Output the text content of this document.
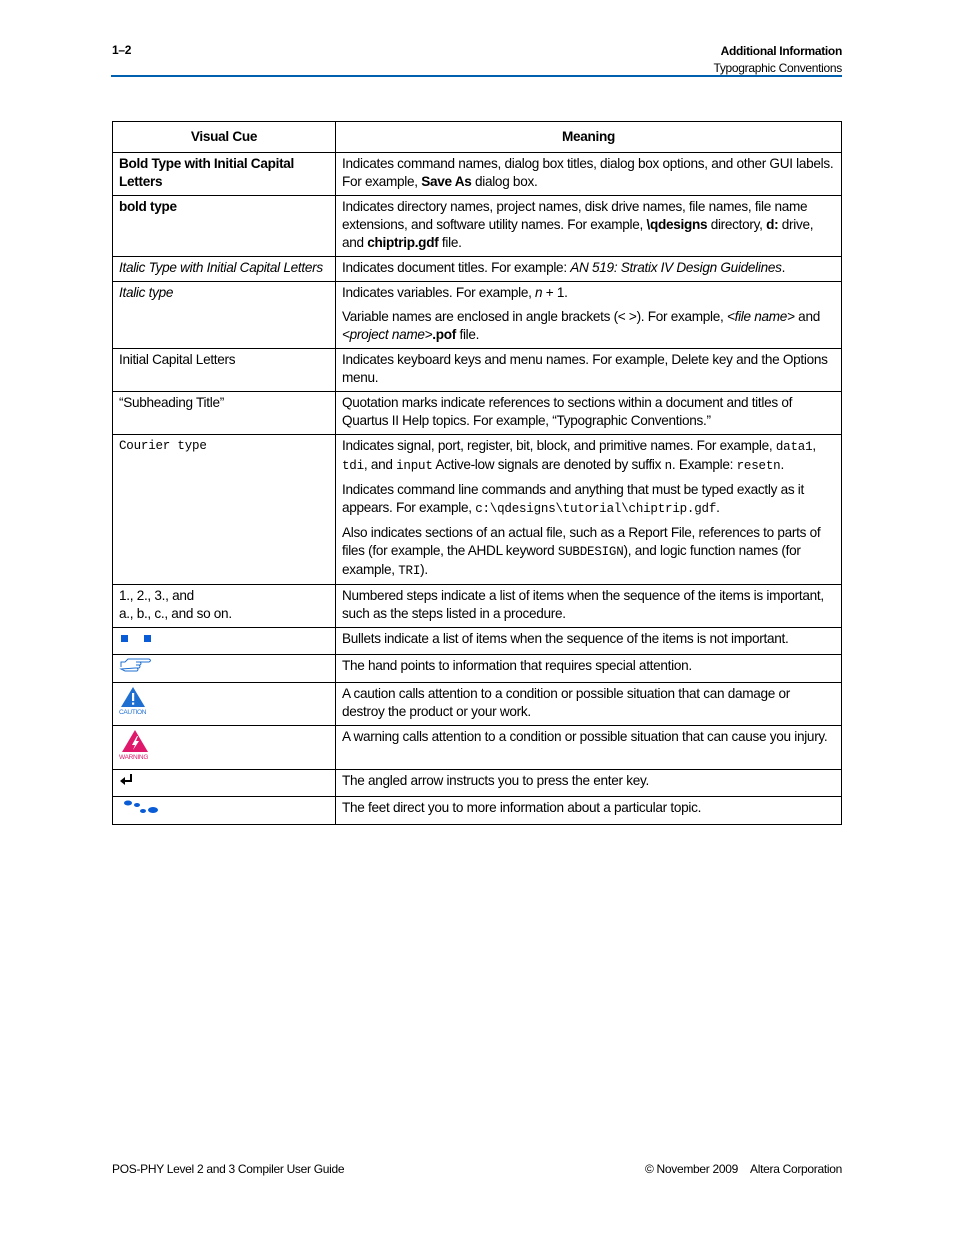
1–2	Additional Information
Typographic Conventions
Visual Cue	Meaning
Bold Type with Initial Capital Letters	Indicates command names, dialog box titles, dialog box options, and other GUI labels. For example, Save As dialog box.
bold type	Indicates directory names, project names, disk drive names, file names, file name extensions, and software utility names. For example, \qdesigns directory, d: drive, and chiptrip.gdf file.
Italic Type with Initial Capital Letters	Indicates document titles. For example: AN 519: Stratix IV Design Guidelines.
Italic type	Indicates variables. For example, n + 1.

Variable names are enclosed in angle brackets (< >). For example, <file name> and <project name>.pof file.

Initial Capital Letters	Indicates keyboard keys and menu names. For example, Delete key and the Options menu.
“Subheading Title”	Quotation marks indicate references to sections within a document and titles of Quartus II Help topics. For example, “Typographic Conventions.”
Courier type	Indicates signal, port, register, bit, block, and primitive names. For example, data1, tdi, and input Active-low signals are denoted by suffix n. Example: resetn.

Indicates command line commands and anything that must be typed exactly as it appears. For example, c:\qdesigns\tutorial\chiptrip.gdf.

Also indicates sections of an actual file, such as a Report File, references to parts of files (for example, the AHDL keyword SUBDESIGN), and logic function names (for example, TRI).

1., 2., 3., and
a., b., c., and so on.	Numbered steps indicate a list of items when the sequence of the items is important, such as the steps listed in a procedure.
	Bullets indicate a list of items when the sequence of the items is not important.
	The hand points to information that requires special attention.

CAUTION	A caution calls attention to a condition or possible situation that can damage or destroy the product or your work.

WARNING	A warning calls attention to a condition or possible situation that can cause you injury.
	The angled arrow instructs you to press the enter key.
	The feet direct you to more information about a particular topic.
POS-PHY Level 2 and 3 Compiler User Guide	© November 2009 Altera Corporation
